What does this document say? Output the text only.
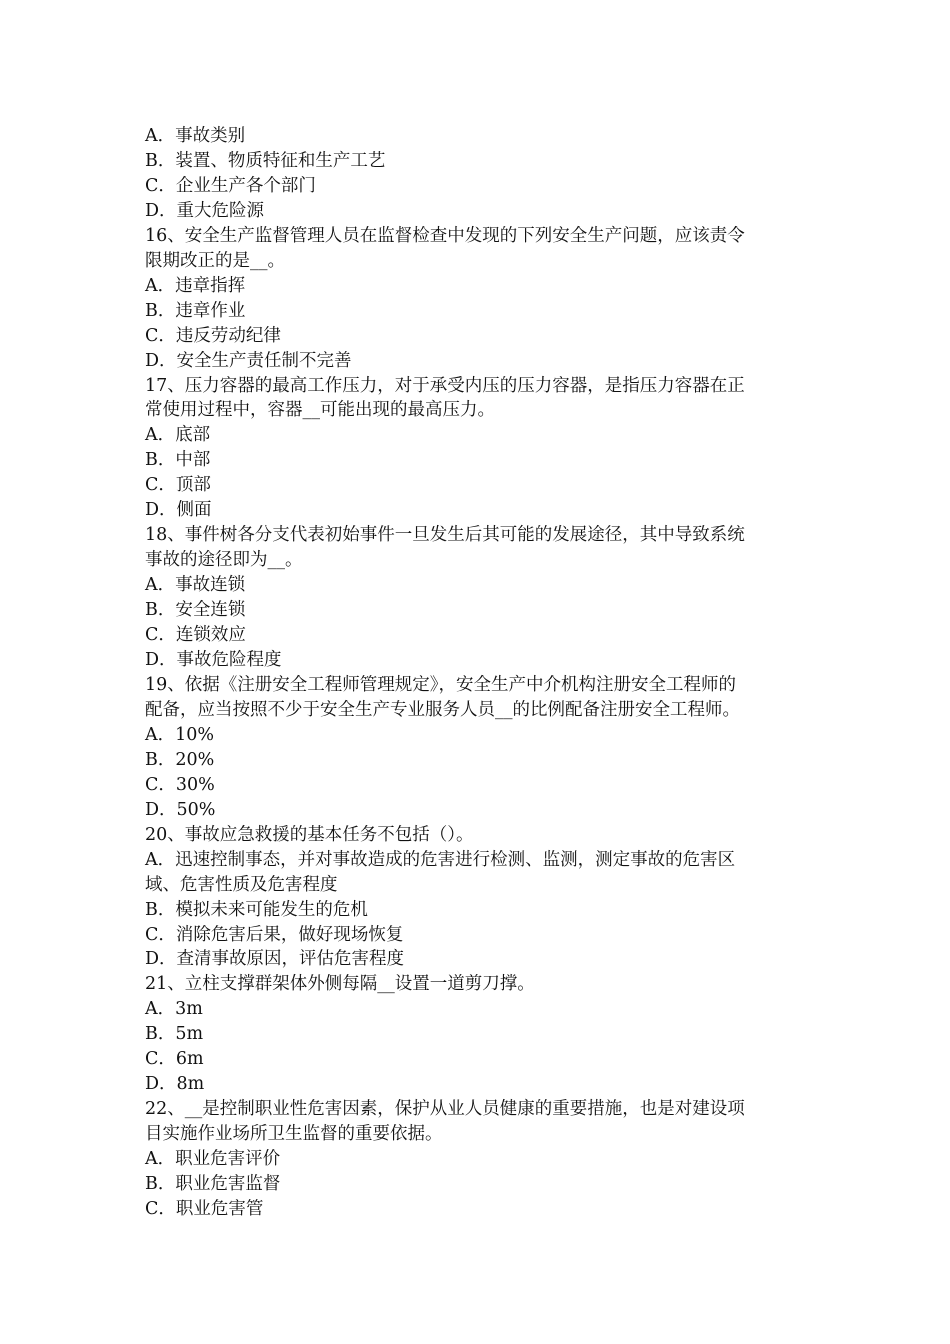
A．事故类别

B．装置、物质特征和生产工艺

C．企业生产各个部门

D．重大危险源

16、安全生产监督管理人员在监督检查中发现的下列安全生产问题，应该责令

限期改正的是__。

A．违章指挥

B．违章作业

C．违反劳动纪律

D．安全生产责任制不完善

17、压力容器的最高工作压力，对于承受内压的压力容器，是指压力容器在正

常使用过程中，容器__可能出现的最高压力。

A．底部

B．中部

C．顶部

D．侧面

18、事件树各分支代表初始事件一旦发生后其可能的发展途径，其中导致系统

事故的途径即为__。

A．事故连锁

B．安全连锁

C．连锁效应

D．事故危险程度

19、依据《注册安全工程师管理规定》，安全生产中介机构注册安全工程师的

配备，应当按照不少于安全生产专业服务人员__的比例配备注册安全工程师。

A．10%

B．20%

C．30%

D．50%

20、事故应急救援的基本任务不包括（）。

A．迅速控制事态，并对事故造成的危害进行检测、监测，测定事故的危害区

域、危害性质及危害程度

B．模拟未来可能发生的危机

C．消除危害后果，做好现场恢复

D．查清事故原因，评估危害程度

21、立柱支撑群架体外侧每隔__设置一道剪刀撑。

A．3m

B．5m

C．6m

D．8m

22、__是控制职业性危害因素，保护从业人员健康的重要措施，也是对建设项

目实施作业场所卫生监督的重要依据。

A．职业危害评价

B．职业危害监督

C．职业危害管
